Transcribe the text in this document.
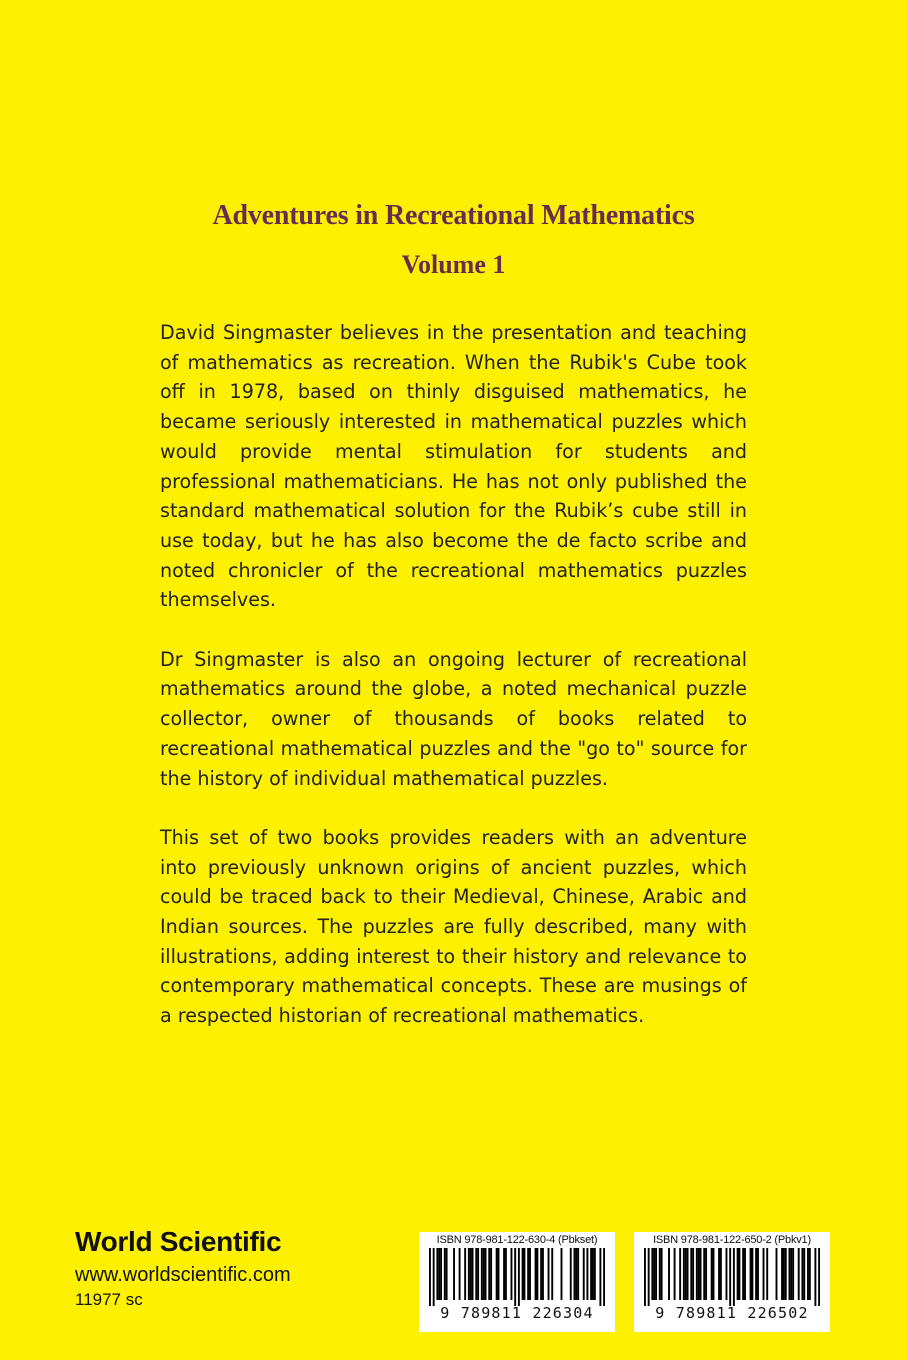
Adventures in Recreational Mathematics
Volume 1

David Singmaster believes in the presentation and teaching of mathematics as recreation. When the Rubik's Cube took off in 1978, based on thinly disguised mathematics, he became seriously interested in mathematical puzzles which would provide mental stimulation for students and professional mathematicians. He has not only published the standard mathematical solution for the Rubik’s cube still in use today, but he has also become the de facto scribe and noted chronicler of the recreational mathematics puzzles themselves.

Dr Singmaster is also an ongoing lecturer of recreational mathematics around the globe, a noted mechanical puzzle collector, owner of thousands of books related to recreational mathematical puzzles and the "go to" source for the history of individual mathematical puzzles.

This set of two books provides readers with an adventure into previously unknown origins of ancient puzzles, which could be traced back to their Medieval, Chinese, Arabic and Indian sources. The puzzles are fully described, many with illustrations, adding interest to their history and relevance to contemporary mathematical concepts. These are musings of a respected historian of recreational mathematics.

World Scientific
www.worldscientific.com
11977 sc
ISBN 978-981-122-630-4 (Pbkset)
9 789811 226304
ISBN 978-981-122-650-2 (Pbkv1)
9 789811 226502
